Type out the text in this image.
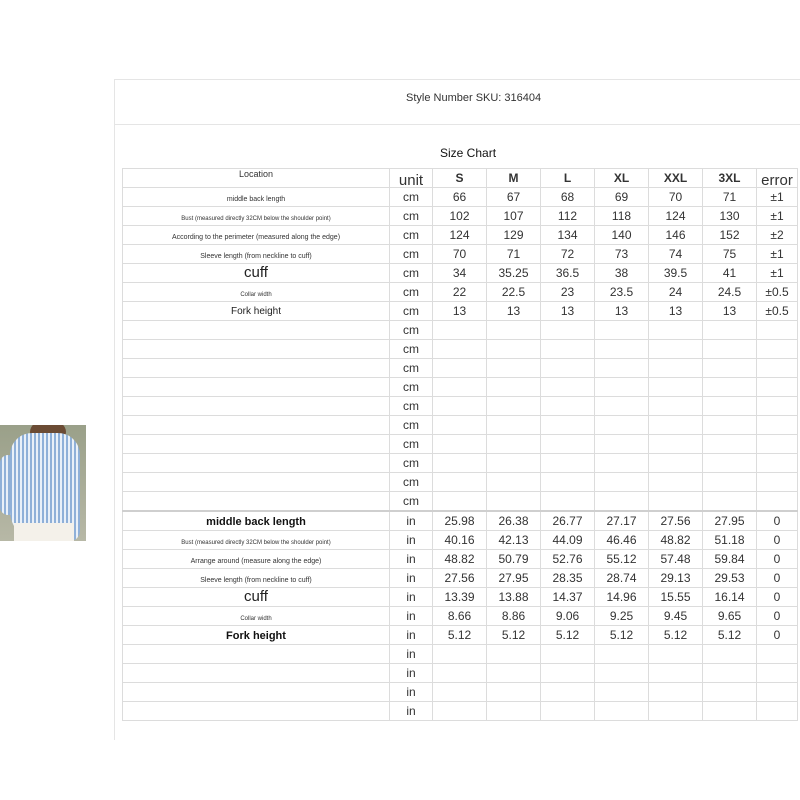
Style Number SKU: 316404
Size Chart
Location	unit	S	M	L	XL	XXL	3XL	error
middle back length	cm	66	67	68	69	70	71	±1
Bust (measured directly 32CM below the shoulder point)	cm	102	107	112	118	124	130	±1
According to the perimeter (measured along the edge)	cm	124	129	134	140	146	152	±2
Sleeve length (from neckline to cuff)	cm	70	71	72	73	74	75	±1
cuff	cm	34	35.25	36.5	38	39.5	41	±1
Collar width	cm	22	22.5	23	23.5	24	24.5	±0.5
Fork height	cm	13	13	13	13	13	13	±0.5
	cm							
	cm							
	cm							
	cm							
	cm							
	cm							
	cm							
	cm							
	cm							
	cm							
middle back length	in	25.98	26.38	26.77	27.17	27.56	27.95	0
Bust (measured directly 32CM below the shoulder point)	in	40.16	42.13	44.09	46.46	48.82	51.18	0
Arrange around (measure along the edge)	in	48.82	50.79	52.76	55.12	57.48	59.84	0
Sleeve length (from neckline to cuff)	in	27.56	27.95	28.35	28.74	29.13	29.53	0
cuff	in	13.39	13.88	14.37	14.96	15.55	16.14	0
Collar width	in	8.66	8.86	9.06	9.25	9.45	9.65	0
Fork height	in	5.12	5.12	5.12	5.12	5.12	5.12	0
	in							
	in							
	in							
	in							
